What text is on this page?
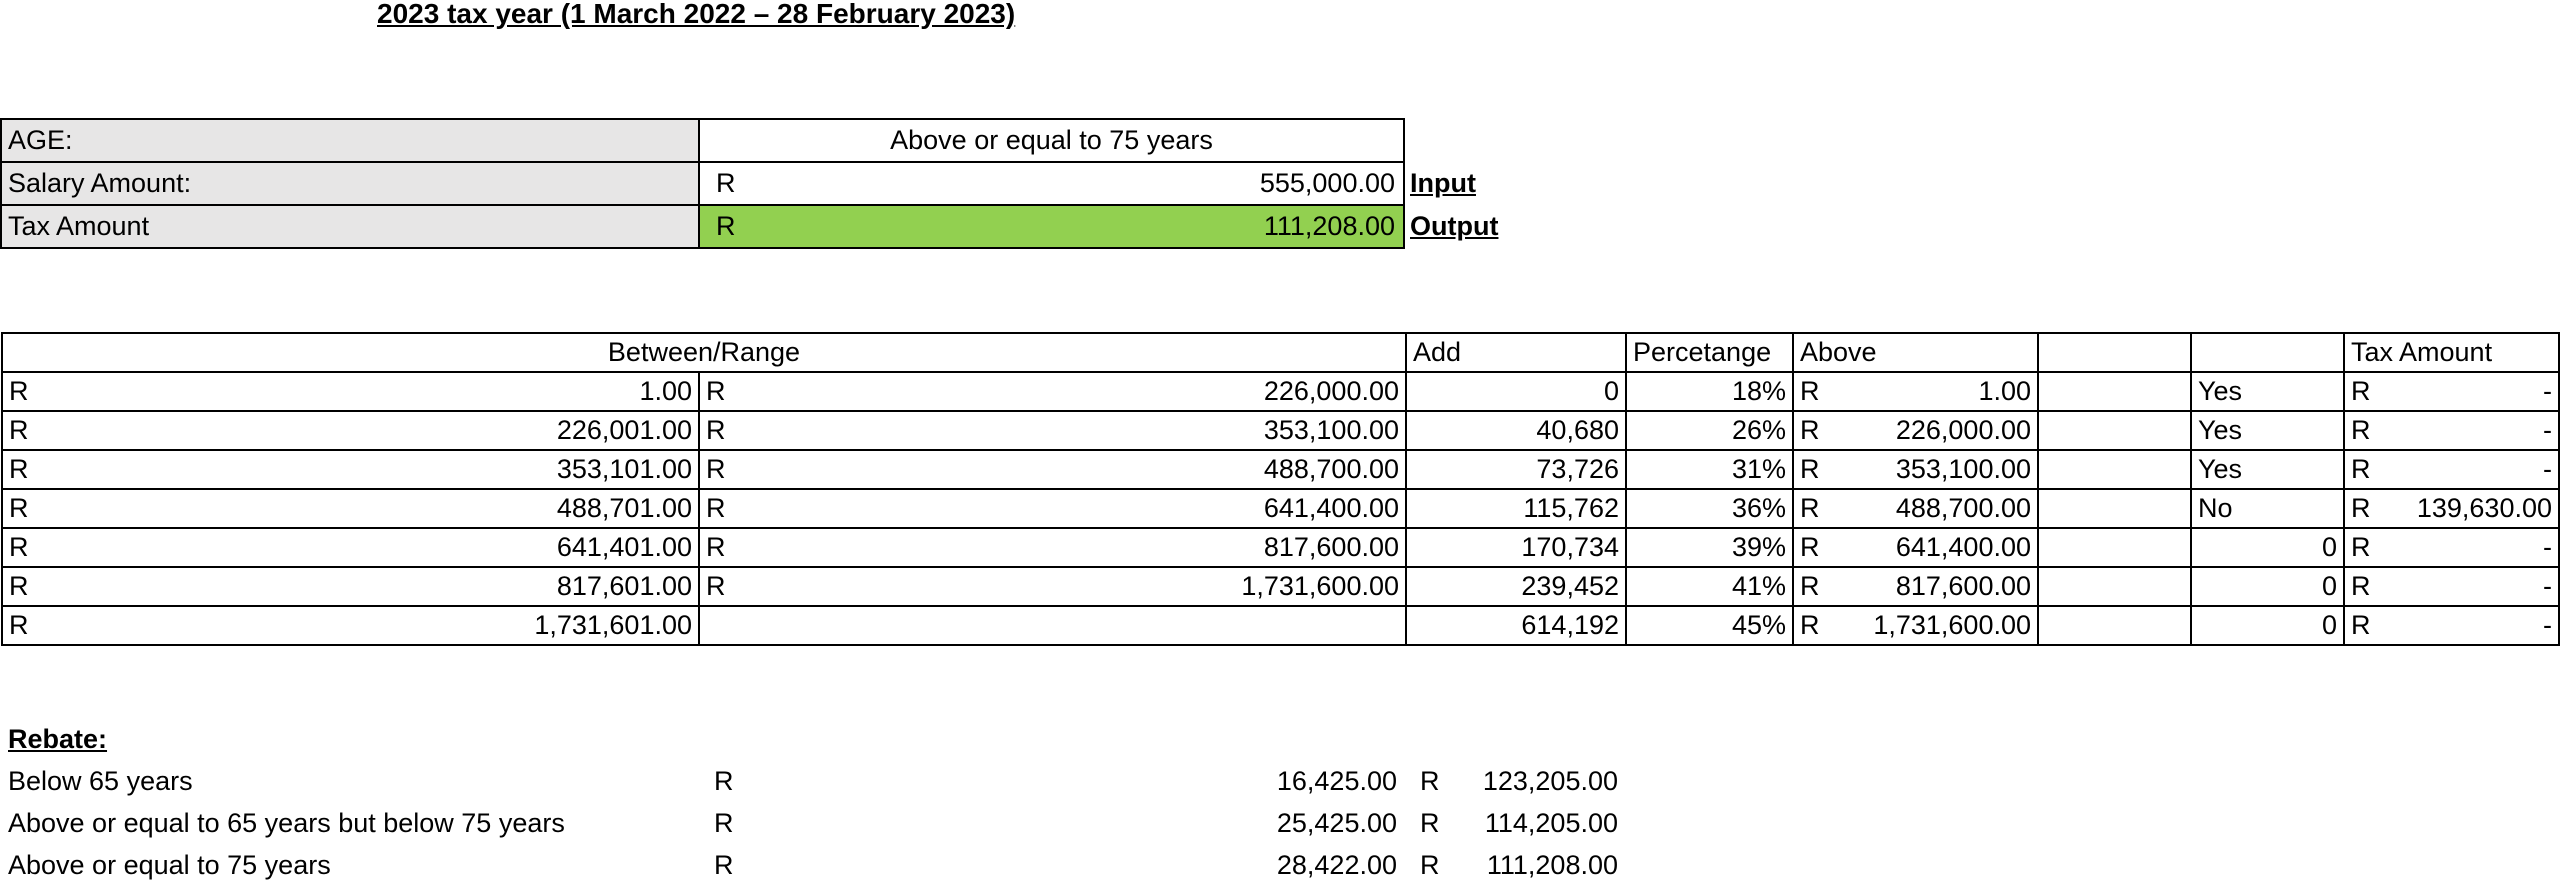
2023 tax year (1 March 2022 – 28 February 2023)
AGE:	Above or equal to 75 years
Salary Amount:	R	555,000.00 Input
Tax Amount	R	111,208.00 Output
Between/Range		Add	Percetange	Above			Tax Amount

R 1.00	R 226,000.00	0	18%	R 1.00		Yes	R -

R 226,001.00	R 353,100.00	40,680	26%	R 226,000.00		Yes	R -

R 353,101.00	R 488,700.00	73,726	31%	R 353,100.00		Yes	R -

R 488,701.00	R 641,400.00	115,762	36%	R 488,700.00		No	R 139,630.00

R 641,401.00	R 817,600.00	170,734	39%	R 641,400.00		0	R -

R 817,601.00	R 1,731,600.00	239,452	41%	R 817,600.00		0	R -

R 1,731,601.00		614,192	45%	R 1,731,600.00		0	R -
Rebate:
Below 65 years	R	16,425.00 R 123,205.00
Above or equal to 65 years but below 75 years	R	25,425.00 R 114,205.00
Above or equal to 75 years	R	28,422.00 R 111,208.00
